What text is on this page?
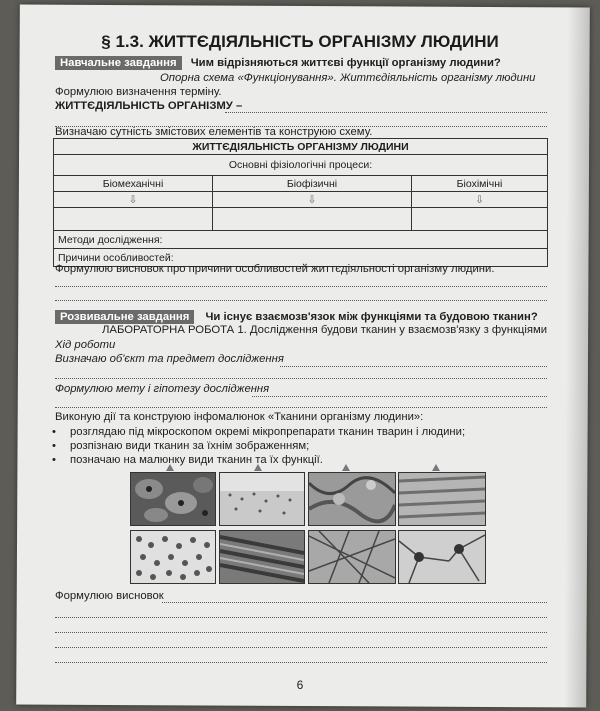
§ 1.3. ЖИТТЄДІЯЛЬНІСТЬ ОРГАНІЗМУ ЛЮДИНИ
Навчальне завдання Чим відрізняються життєві функції організму людини?
Опорна схема «Функціонування». Життєдіяльність організму людини
Формулюю визначення терміну.
ЖИТТЄДІЯЛЬНІСТЬ ОРГАНІЗМУ –
Визначаю сутність змістових елементів та конструюю схему.
ЖИТТЄДІЯЛЬНІСТЬ ОРГАНІЗМУ ЛЮДИНИ		
Основні фізіологічні процеси:		
Біомеханічні	Біофізичні	Біохімічні
⇩	⇩	⇩

Методи дослідження:		
Причини особливостей:		
Формулюю висновок про причини особливостей життєдіяльності організму людини.
Розвивальне завдання Чи існує взаємозв'язок між функціями та будовою тканин?
ЛАБОРАТОРНА РОБОТА 1. Дослідження будови тканин у взаємозв'язку з функціями
Хід роботи
Визначаю об'єкт та предмет дослідження
Формулюю мету і гіпотезу дослідження
Виконую дії та конструюю інфомалюнок «Тканини організму людини»:
• розглядаю під мікроскопом окремі мікропрепарати тканин тварин і людини;
• розпізнаю види тканин за їхнім зображенням;
• позначаю на малюнку види тканин та їх функції.
Формулюю висновок
6
